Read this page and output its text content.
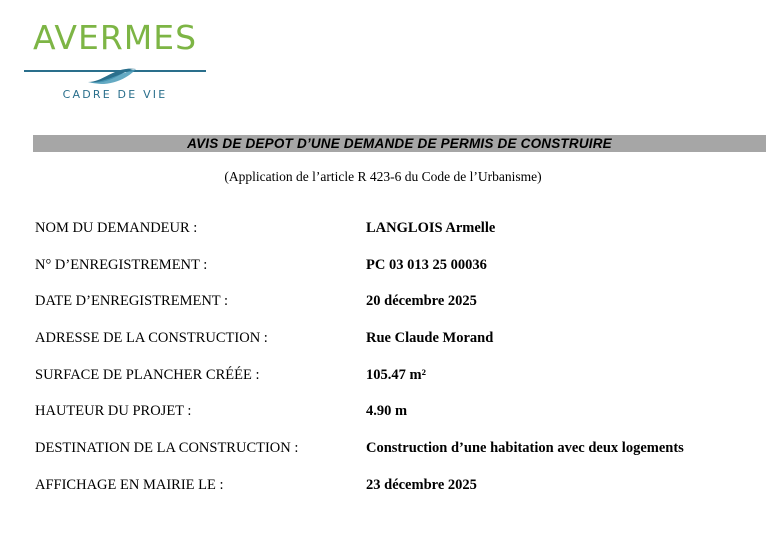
AVERMES
CADRE DE VIE
AVIS DE DEPOT D’UNE DEMANDE DE PERMIS DE CONSTRUIRE
(Application de l’article R 423-6 du Code de l’Urbanisme)
NOM DU DEMANDEUR :	LANGLOIS Armelle
N° D’ENREGISTREMENT :	PC 03 013 25 00036
DATE D’ENREGISTREMENT :	20 décembre 2025
ADRESSE DE LA CONSTRUCTION :	Rue Claude Morand
SURFACE DE PLANCHER CRÉÉE :	105.47 m²
HAUTEUR DU PROJET :	4.90 m
DESTINATION DE LA CONSTRUCTION :	Construction d’une habitation avec deux logements
AFFICHAGE EN MAIRIE LE :	23 décembre 2025
